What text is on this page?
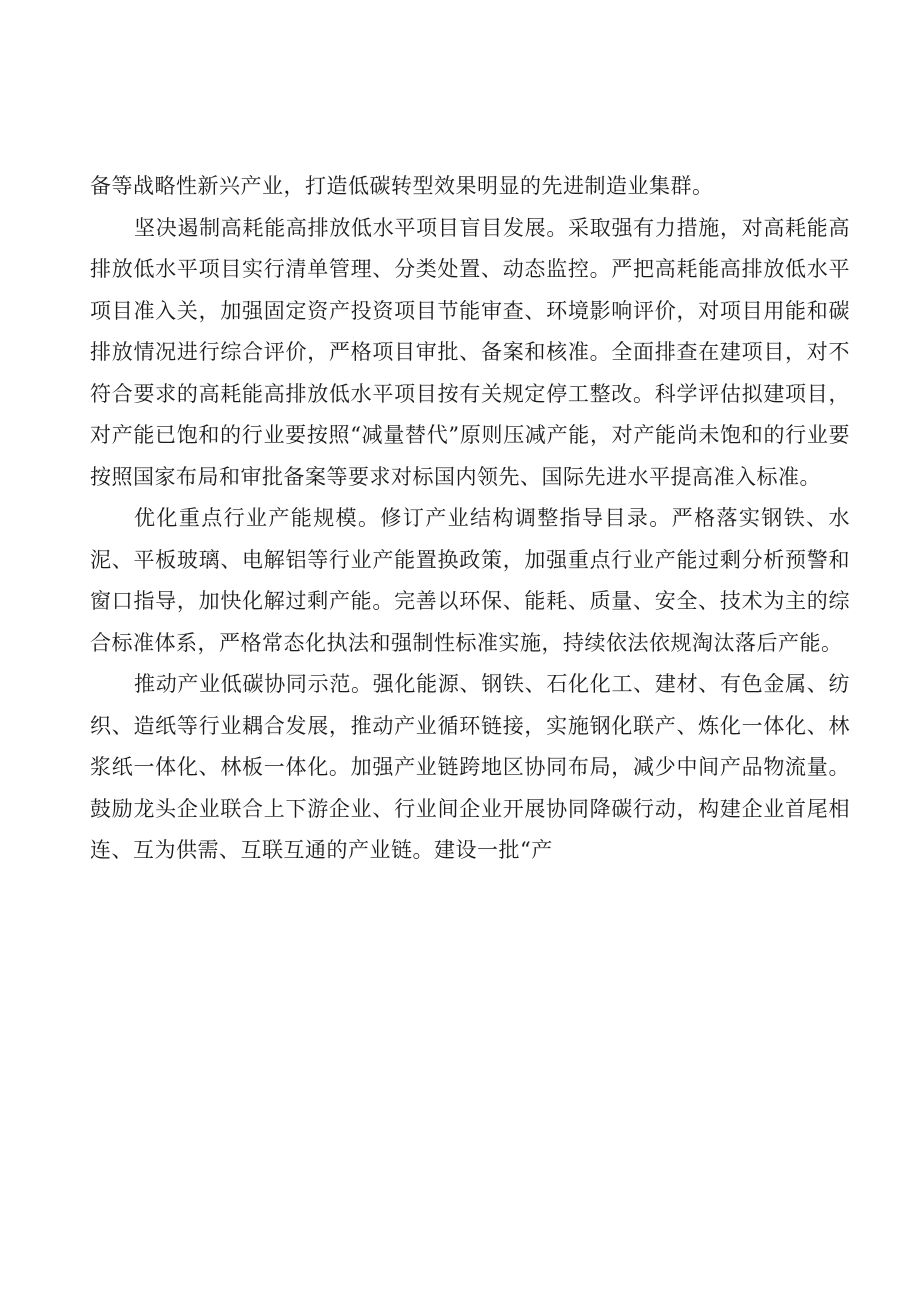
备等战略性新兴产业，打造低碳转型效果明显的先进制造业集群。

坚决遏制高耗能高排放低水平项目盲目发展。采取强有力措施，对高耗能高排放低水平项目实行清单管理、分类处置、动态监控。严把高耗能高排放低水平项目准入关，加强固定资产投资项目节能审查、环境影响评价，对项目用能和碳排放情况进行综合评价，严格项目审批、备案和核准。全面排查在建项目，对不符合要求的高耗能高排放低水平项目按有关规定停工整改。科学评估拟建项目，对产能已饱和的行业要按照“减量替代”原则压减产能，对产能尚未饱和的行业要按照国家布局和审批备案等要求对标国内领先、国际先进水平提高准入标准。

优化重点行业产能规模。修订产业结构调整指导目录。严格落实钢铁、水泥、平板玻璃、电解铝等行业产能置换政策，加强重点行业产能过剩分析预警和窗口指导，加快化解过剩产能。完善以环保、能耗、质量、安全、技术为主的综合标准体系，严格常态化执法和强制性标准实施，持续依法依规淘汰落后产能。

推动产业低碳协同示范。强化能源、钢铁、石化化工、建材、有色金属、纺织、造纸等行业耦合发展，推动产业循环链接，实施钢化联产、炼化一体化、林浆纸一体化、林板一体化。加强产业链跨地区协同布局，减少中间产品物流量。鼓励龙头企业联合上下游企业、行业间企业开展协同降碳行动，构建企业首尾相连、互为供需、互联互通的产业链。建设一批“产
